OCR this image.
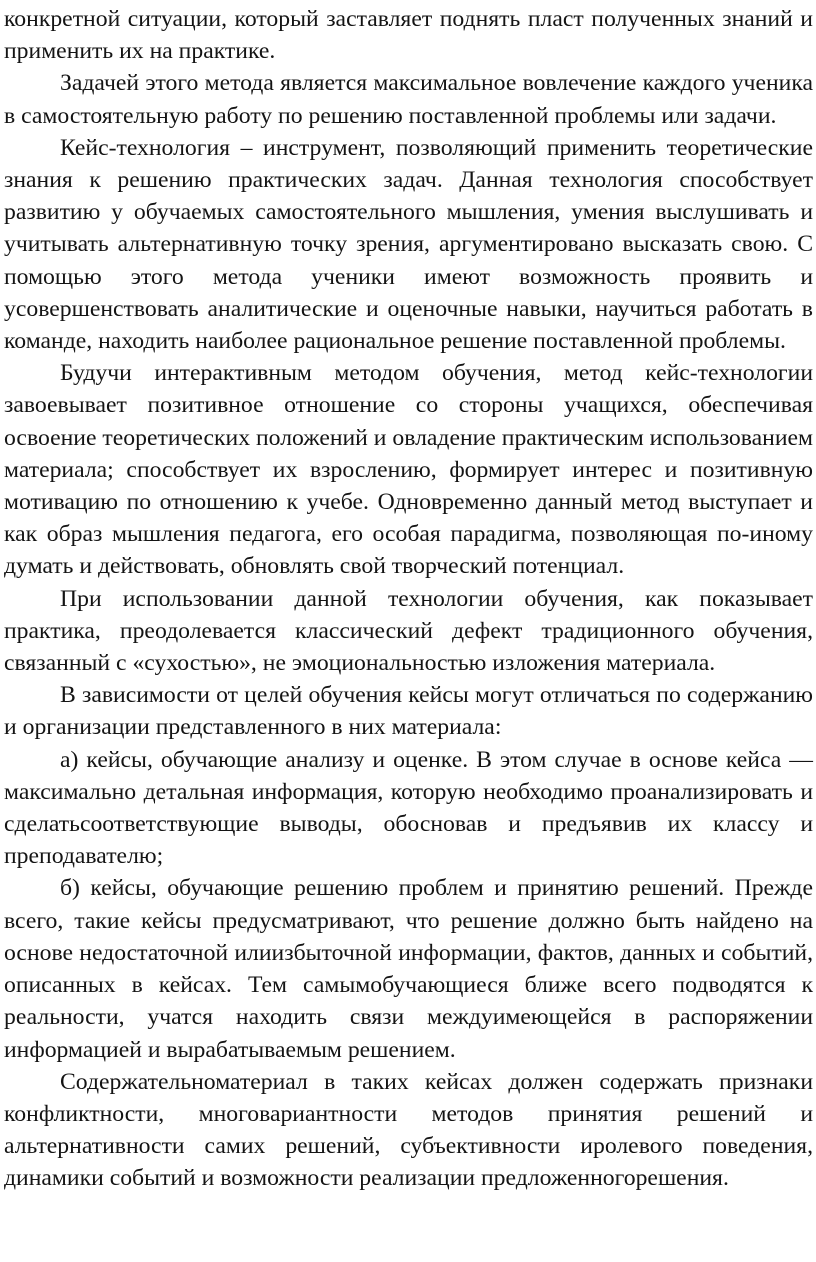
конкретной ситуации, который заставляет поднять пласт полученных знаний и применить их на практике.

Задачей этого метода является максимальное вовлечение каждого ученика в самостоятельную работу по решению поставленной проблемы или задачи.

Кейс-технология – инструмент, позволяющий применить теоретические знания к решению практических задач. Данная технология способствует развитию у обучаемых самостоятельного мышления, умения выслушивать и учитывать альтернативную точку зрения, аргументировано высказать свою. С помощью этого метода ученики имеют возможность проявить и усовершенствовать аналитические и оценочные навыки, научиться работать в команде, находить наиболее рациональное решение поставленной проблемы.

Будучи интерактивным методом обучения, метод кейс-технологии завоевывает позитивное отношение со стороны учащихся, обеспечивая освоение теоретических положений и овладение практическим использованием материала; способствует их взрослению, формирует интерес и позитивную мотивацию по отношению к учебе. Одновременно данный метод выступает и как образ мышления педагога, его особая парадигма, позволяющая по-иному думать и действовать, обновлять свой творческий потенциал.

При использовании данной технологии обучения, как показывает практика, преодолевается классический дефект традиционного обучения, связанный с «сухостью», не эмоциональностью изложения материала.

В зависимости от целей обучения кейсы могут отличаться по содержанию и организации представленного в них материала:

а) кейсы, обучающие анализу и оценке. В этом случае в основе кейса — максимально детальная информация, которую необходимо проанализировать и сделатьсоответствующие выводы, обосновав и предъявив их классу и преподавателю;

б) кейсы, обучающие решению проблем и принятию решений. Прежде всего, такие кейсы предусматривают, что решение должно быть найдено на основе недостаточной илиизбыточной информации, фактов, данных и событий, описанных в кейсах. Тем самымобучающиеся ближе всего подводятся к реальности, учатся находить связи междуимеющейся в распоряжении информацией и вырабатываемым решением.

Содержательноматериал в таких кейсах должен содержать признаки конфликтности, многовариантности методов принятия решений и альтернативности самих решений, субъективности иролевого поведения, динамики событий и возможности реализации предложенногорешения.
